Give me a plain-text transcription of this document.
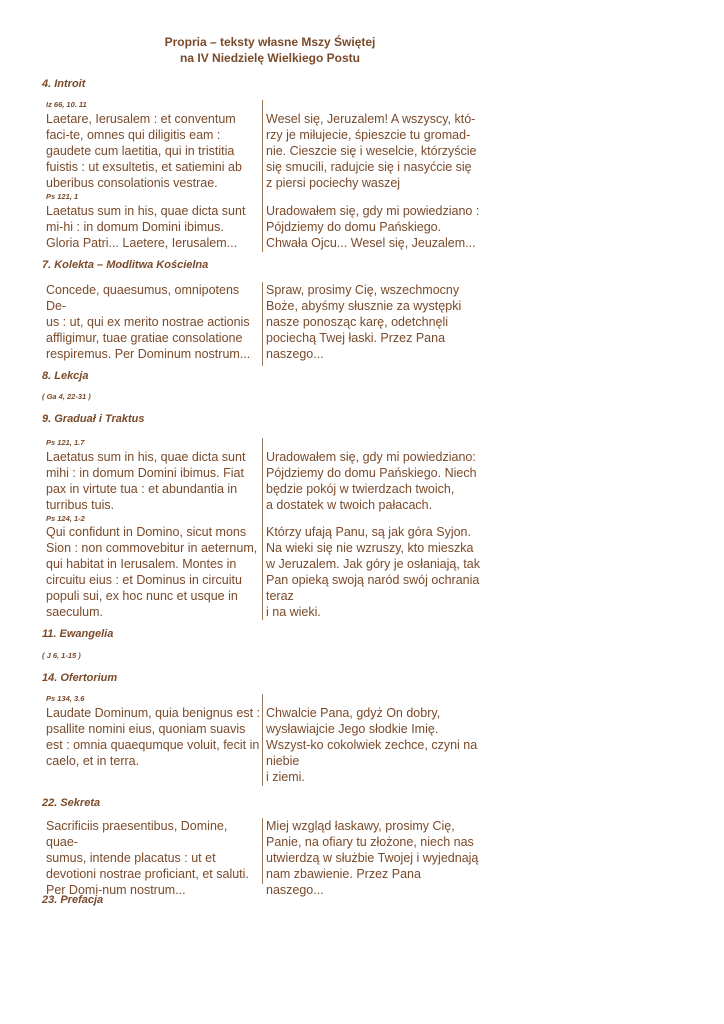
Propria – teksty własne Mszy Świętej
na IV Niedzielę Wielkiego Postu
4. Introit
Iz 66, 10. 11
Laetare, Ierusalem : et conventum
faci-te, omnes qui diligitis eam :
gaudete cum laetitia, qui in tristitia
fuistis : ut exsultetis, et satiemini ab
uberibus consolationis vestrae.
Wesel się, Jeruzalem! A wszyscy, któ-
rzy je miłujecie, śpieszcie tu gromad-
nie. Cieszcie się i weselcie, którzyście
się smucili, radujcie się i nasyćcie się
z piersi pociechy waszej
Ps 121, 1
Laetatus sum in his, quae dicta sunt
mi-hi : in domum Domini ibimus.
Gloria Patri... Laetere, Ierusalem...
Uradowałem się, gdy mi powiedziano :
Pójdziemy do domu Pańskiego.
Chwała Ojcu... Wesel się, Jeuzalem...
7. Kolekta – Modlitwa Kościelna
Concede, quaesumus, omnipotens De-
us : ut, qui ex merito nostrae actionis
affligimur, tuae gratiae consolatione
respiremus. Per Dominum nostrum...
Spraw, prosimy Cię, wszechmocny
Boże, abyśmy słusznie za występki
nasze ponosząc karę, odetchnęli
pociechą Twej łaski. Przez Pana
naszego...
8. Lekcja
( Ga 4, 22-31 )
9. Graduał i Traktus
Ps 121, 1.7
Laetatus sum in his, quae dicta sunt
mihi : in domum Domini ibimus. Fiat
pax in virtute tua : et abundantia in
turribus tuis.
Uradowałem się, gdy mi powiedziano:
Pójdziemy do domu Pańskiego. Niech
będzie pokój w twierdzach twoich,
a dostatek w twoich pałacach.
Ps 124, 1-2
Qui confidunt in Domino, sicut mons
Sion : non commovebitur in aeternum,
qui habitat in Ierusalem. Montes in
circuitu eius : et Dominus in circuitu
populi sui, ex hoc nunc et usque in
saeculum.
Którzy ufają Panu, są jak góra Syjon.
Na wieki się nie wzruszy, kto mieszka
w Jeruzalem. Jak góry je osłaniają, tak
Pan opieką swoją naród swój ochrania
teraz
i na wieki.
11. Ewangelia
( J 6, 1-15 )
14. Ofertorium
Ps 134, 3.6
Laudate Dominum, quia benignus est :
psallite nomini eius, quoniam suavis
est : omnia quaequmque voluit, fecit in
caelo, et in terra.
Chwalcie Pana, gdyż On dobry,
wysławiajcie Jego słodkie Imię.
Wszyst-ko cokolwiek zechce, czyni na
niebie
i ziemi.
22. Sekreta
Sacrificiis praesentibus, Domine, quae-
sumus, intende placatus : ut et
devotioni nostrae proficiant, et saluti.
Per Domi-num nostrum...
Miej wzgląd łaskawy, prosimy Cię,
Panie, na ofiary tu złożone, niech nas
utwierdzą w służbie Twojej i wyjednają
nam zbawienie. Przez Pana naszego...
23. Prefacja
